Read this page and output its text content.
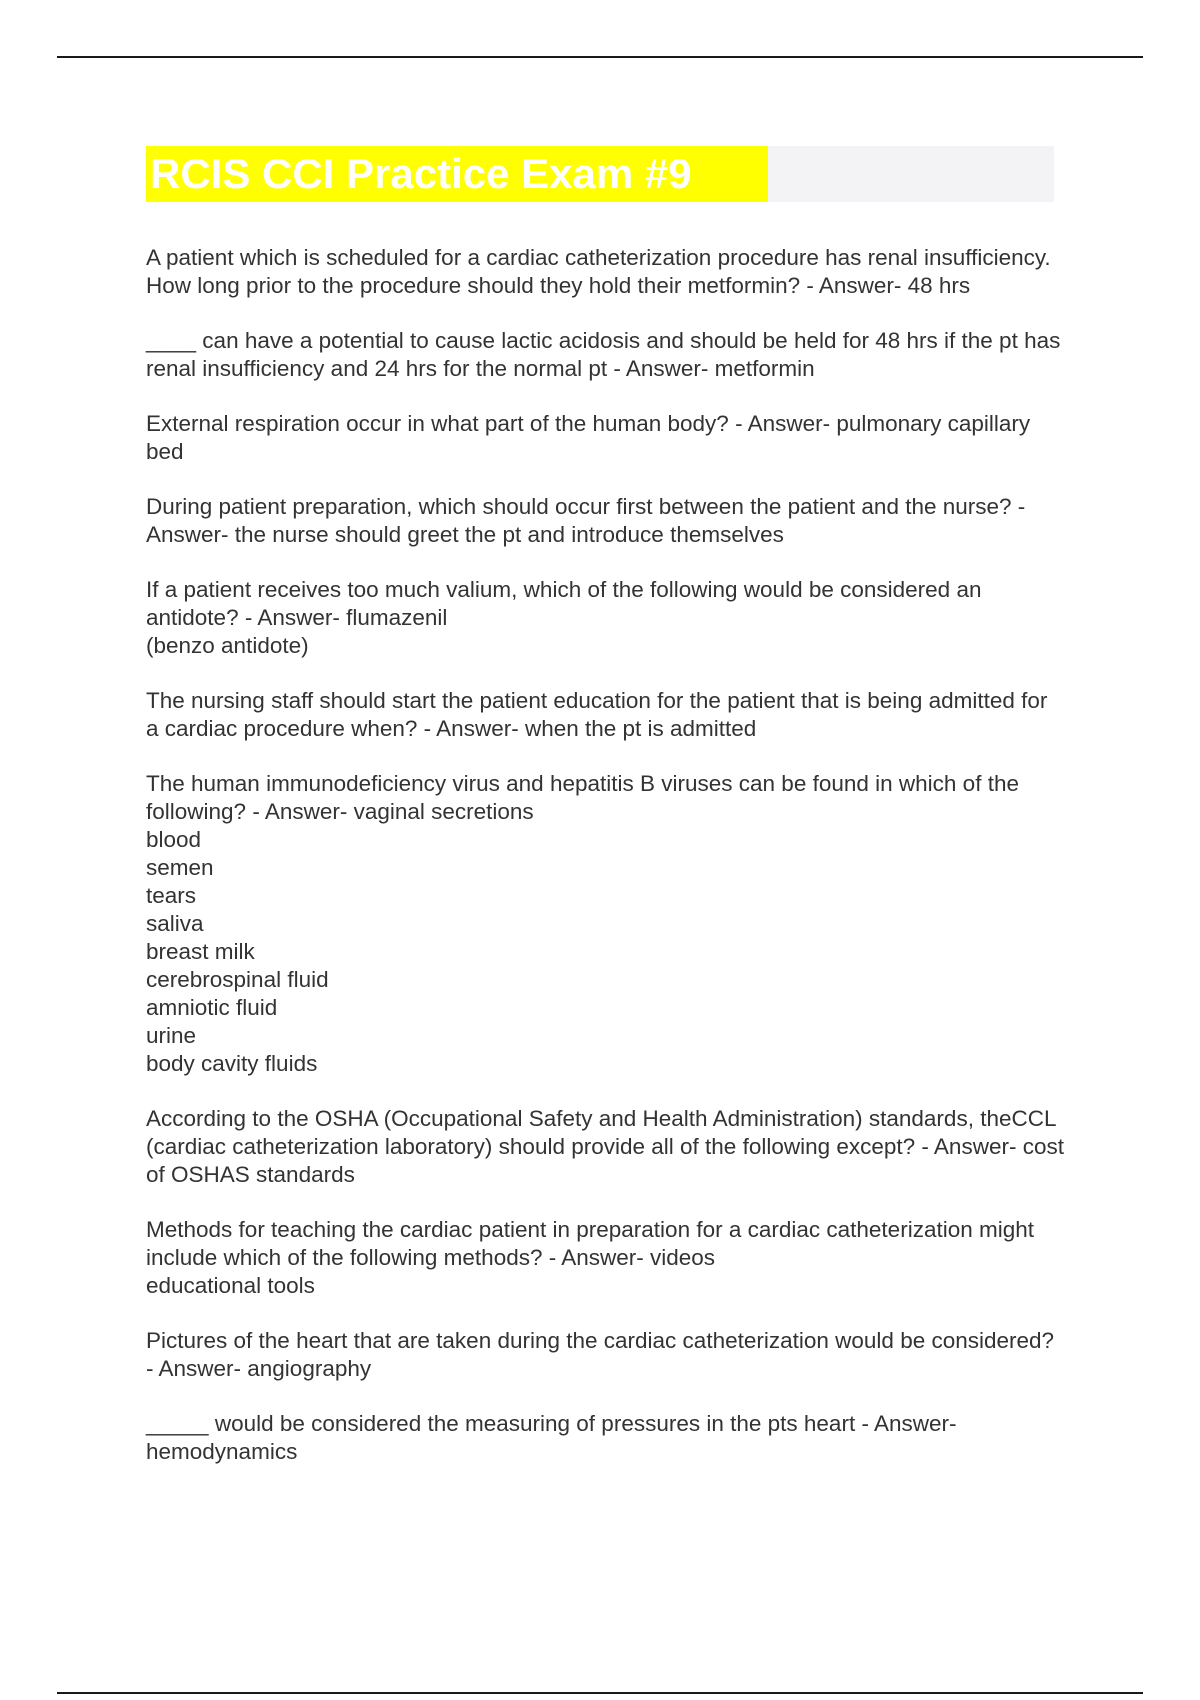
RCIS CCI Practice Exam #9
A patient which is scheduled for a cardiac catheterization procedure has renal insufficiency. How long prior to the procedure should they hold their metformin? - Answer- 48 hrs
____ can have a potential to cause lactic acidosis and should be held for 48 hrs if the pt has renal insufficiency and 24 hrs for the normal pt - Answer- metformin
External respiration occur in what part of the human body? - Answer- pulmonary capillary bed
During patient preparation, which should occur first between the patient and the nurse? - Answer- the nurse should greet the pt and introduce themselves
If a patient receives too much valium, which of the following would be considered an antidote? - Answer- flumazenil
(benzo antidote)
The nursing staff should start the patient education for the patient that is being admitted for a cardiac procedure when? - Answer- when the pt is admitted
The human immunodeficiency virus and hepatitis B viruses can be found in which of the following? - Answer- vaginal secretions
blood
semen
tears
saliva
breast milk
cerebrospinal fluid
amniotic fluid
urine
body cavity fluids
According to the OSHA (Occupational Safety and Health Administration) standards, theCCL (cardiac catheterization laboratory) should provide all of the following except? - Answer- cost of OSHAS standards
Methods for teaching the cardiac patient in preparation for a cardiac catheterization might include which of the following methods? - Answer- videos
educational tools
Pictures of the heart that are taken during the cardiac catheterization would be considered? - Answer- angiography
_____ would be considered the measuring of pressures in the pts heart - Answer- hemodynamics
